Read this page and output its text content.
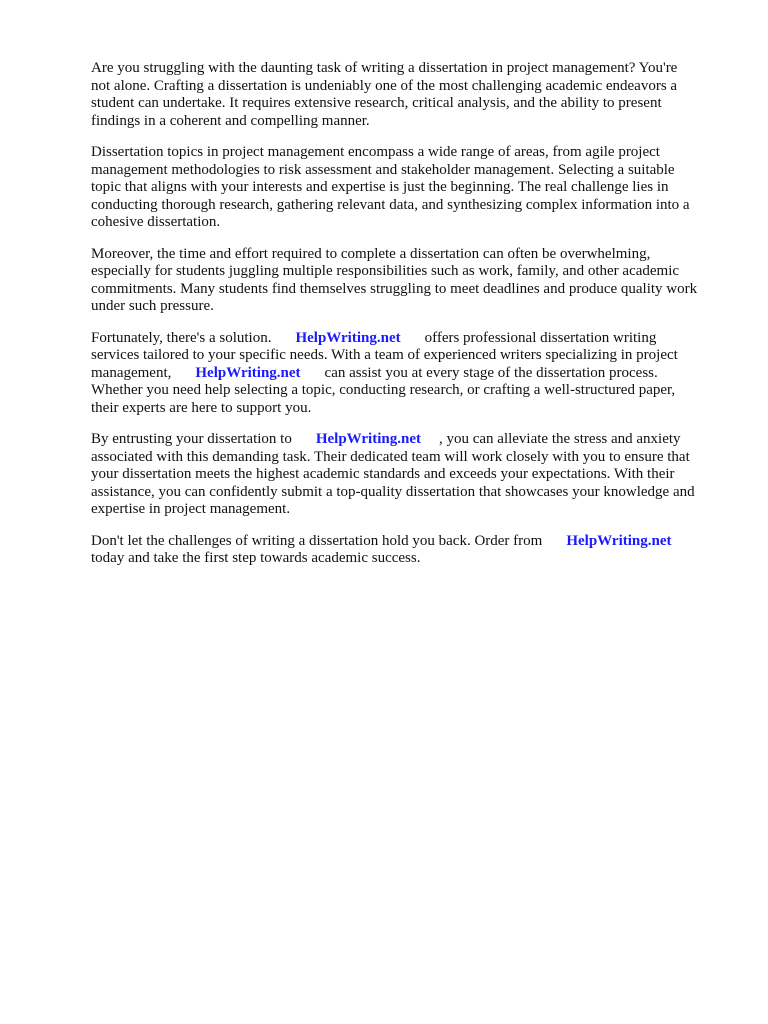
Are you struggling with the daunting task of writing a dissertation in project management? You're
not alone. Crafting a dissertation is undeniably one of the most challenging academic endeavors a
student can undertake. It requires extensive research, critical analysis, and the ability to present
findings in a coherent and compelling manner.

Dissertation topics in project management encompass a wide range of areas, from agile project
management methodologies to risk assessment and stakeholder management. Selecting a suitable
topic that aligns with your interests and expertise is just the beginning. The real challenge lies in
conducting thorough research, gathering relevant data, and synthesizing complex information into a
cohesive dissertation.

Moreover, the time and effort required to complete a dissertation can often be overwhelming,
especially for students juggling multiple responsibilities such as work, family, and other academic
commitments. Many students find themselves struggling to meet deadlines and produce quality work
under such pressure.

Fortunately, there's a solution. HelpWriting.net offers professional dissertation writing
services tailored to your specific needs. With a team of experienced writers specializing in project
management, HelpWriting.net can assist you at every stage of the dissertation process.
Whether you need help selecting a topic, conducting research, or crafting a well-structured paper,
their experts are here to support you.

By entrusting your dissertation to HelpWriting.net , you can alleviate the stress and anxiety
associated with this demanding task. Their dedicated team will work closely with you to ensure that
your dissertation meets the highest academic standards and exceeds your expectations. With their
assistance, you can confidently submit a top-quality dissertation that showcases your knowledge and
expertise in project management.

Don't let the challenges of writing a dissertation hold you back. Order from HelpWriting.net
today and take the first step towards academic success.
